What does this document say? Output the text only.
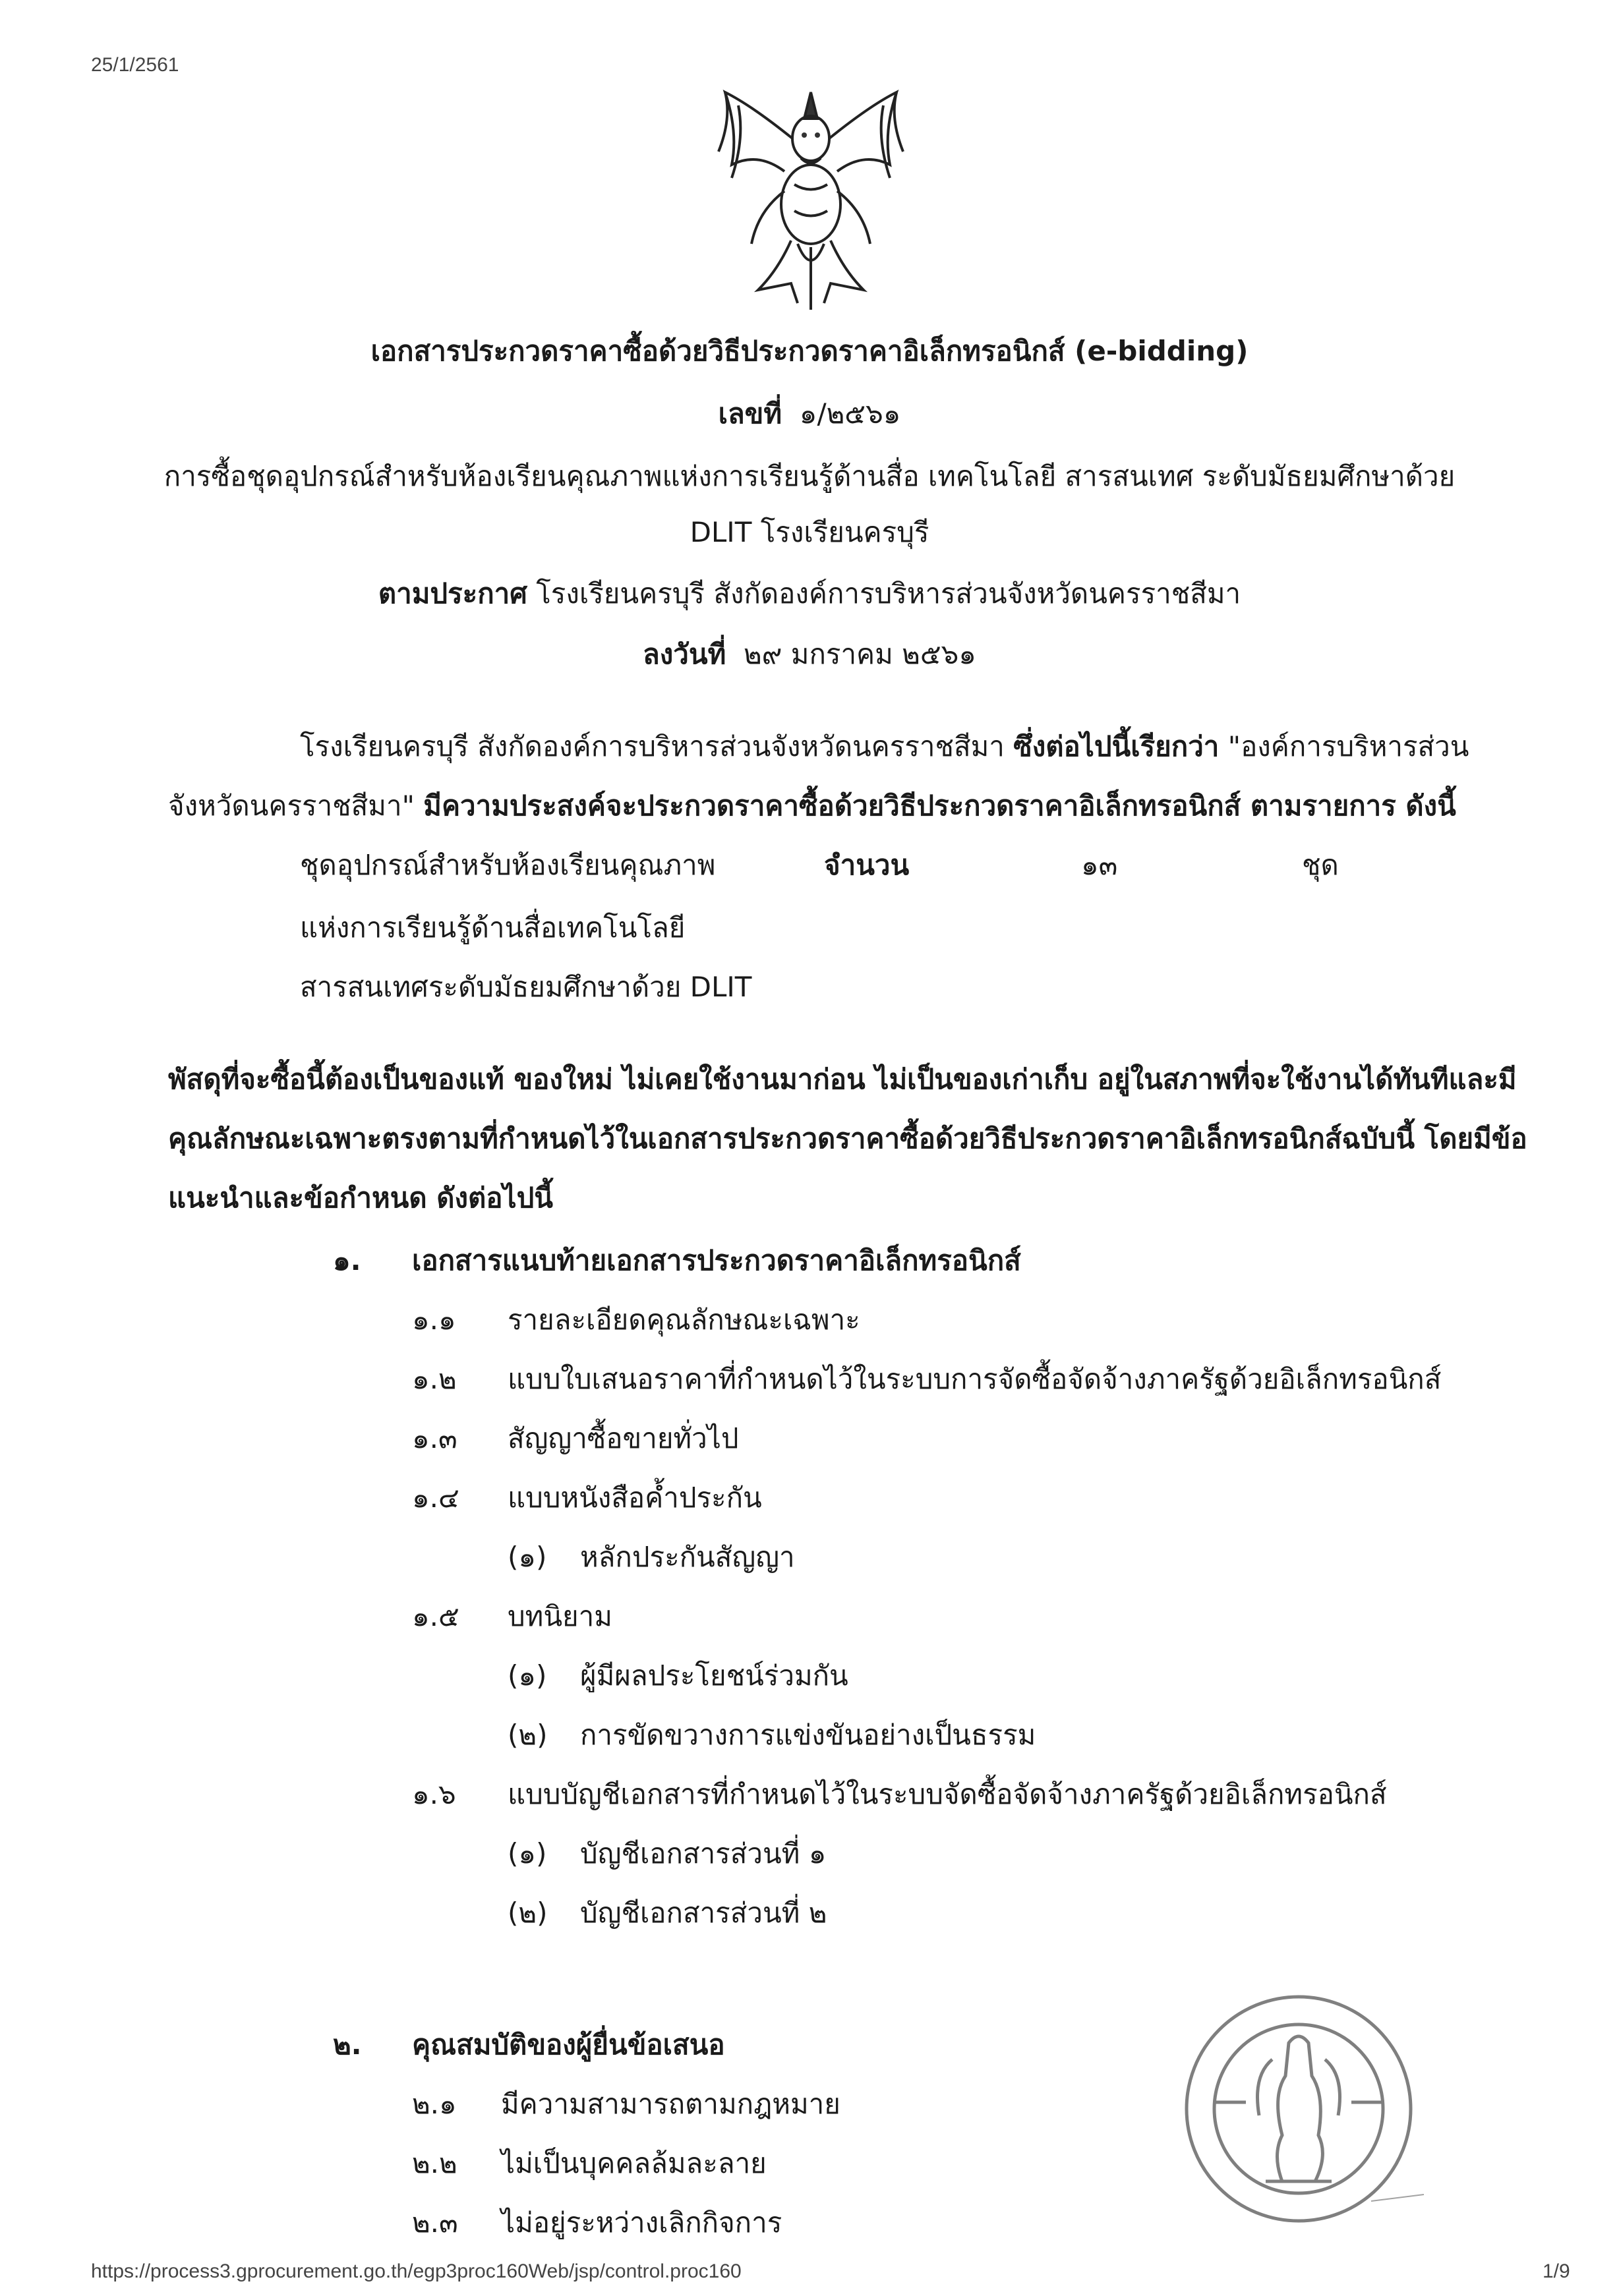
25/1/2561
เอกสารประกวดราคาซื้อด้วยวิธีประกวดราคาอิเล็กทรอนิกส์ (e-bidding)
เลขที่ ๑/๒๕๖๑
การซื้อชุดอุปกรณ์สำหรับห้องเรียนคุณภาพแห่งการเรียนรู้ด้านสื่อ เทคโนโลยี สารสนเทศ ระดับมัธยมศึกษาด้วย
DLIT โรงเรียนครบุรี
ตามประกาศ โรงเรียนครบุรี สังกัดองค์การบริหารส่วนจังหวัดนครราชสีมา
ลงวันที่ ๒๙ มกราคม ๒๕๖๑
โรงเรียนครบุรี สังกัดองค์การบริหารส่วนจังหวัดนครราชสีมา ซึ่งต่อไปนี้เรียกว่า "องค์การบริหารส่วน
จังหวัดนครราชสีมา" มีความประสงค์จะประกวดราคาซื้อด้วยวิธีประกวดราคาอิเล็กทรอนิกส์ ตามรายการ ดังนี้
ชุดอุปกรณ์สำหรับห้องเรียนคุณภาพ	จำนวน	๑๓	ชุด
แห่งการเรียนรู้ด้านสื่อเทคโนโลยี
สารสนเทศระดับมัธยมศึกษาด้วย DLIT
พัสดุที่จะซื้อนี้ต้องเป็นของแท้ ของใหม่ ไม่เคยใช้งานมาก่อน ไม่เป็นของเก่าเก็บ อยู่ในสภาพที่จะใช้งานได้ทันทีและมี
คุณลักษณะเฉพาะตรงตามที่กำหนดไว้ในเอกสารประกวดราคาซื้อด้วยวิธีประกวดราคาอิเล็กทรอนิกส์ฉบับนี้ โดยมีข้อ
แนะนำและข้อกำหนด ดังต่อไปนี้
๑. เอกสารแนบท้ายเอกสารประกวดราคาอิเล็กทรอนิกส์
๑.๑ รายละเอียดคุณลักษณะเฉพาะ
๑.๒ แบบใบเสนอราคาที่กำหนดไว้ในระบบการจัดซื้อจัดจ้างภาครัฐด้วยอิเล็กทรอนิกส์
๑.๓ สัญญาซื้อขายทั่วไป
๑.๔ แบบหนังสือค้ำประกัน
(๑) หลักประกันสัญญา
๑.๕ บทนิยาม
(๑) ผู้มีผลประโยชน์ร่วมกัน
(๒) การขัดขวางการแข่งขันอย่างเป็นธรรม
๑.๖ แบบบัญชีเอกสารที่กำหนดไว้ในระบบจัดซื้อจัดจ้างภาครัฐด้วยอิเล็กทรอนิกส์
(๑) บัญชีเอกสารส่วนที่ ๑
(๒) บัญชีเอกสารส่วนที่ ๒
๒. คุณสมบัติของผู้ยื่นข้อเสนอ
๒.๑ มีความสามารถตามกฎหมาย
๒.๒ ไม่เป็นบุคคลล้มละลาย
๒.๓ ไม่อยู่ระหว่างเลิกกิจการ
https://process3.gprocurement.go.th/egp3proc160Web/jsp/control.proc160	1/9
